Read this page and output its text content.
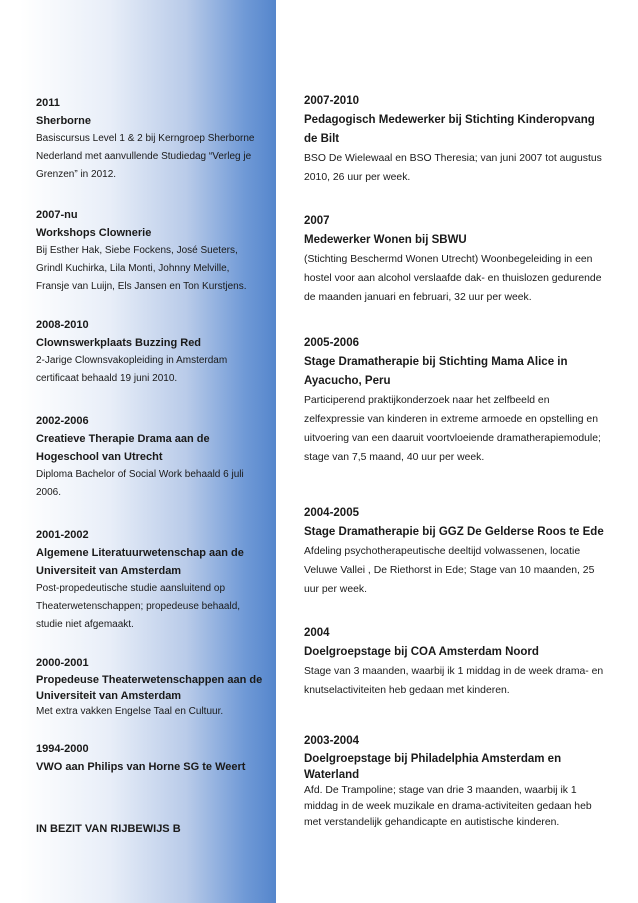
2011
Sherborne
Basiscursus Level 1 & 2 bij Kerngroep Sherborne Nederland met aanvullende Studiedag “Verleg je Grenzen” in 2012.
2007-nu
Workshops Clownerie
Bij Esther Hak, Siebe Fockens, José Sueters, Grindl Kuchirka, Lila Monti, Johnny Melville, Fransje van Luijn, Els Jansen en Ton Kurstjens.
2008-2010
Clownswerkplaats Buzzing Red
2-Jarige Clownsvakopleiding in Amsterdam certificaat behaald 19 juni 2010.
2002-2006
Creatieve Therapie Drama aan de Hogeschool van Utrecht
Diploma Bachelor of Social Work behaald 6 juli 2006.
2001-2002
Algemene Literatuurwetenschap aan de Universiteit van Amsterdam
Post-propedeutische studie aansluitend op Theaterwetenschappen; propedeuse behaald, studie niet afgemaakt.
2000-2001
Propedeuse Theaterwetenschappen aan de Universiteit van Amsterdam
Met extra vakken Engelse Taal en Cultuur.
1994-2000
VWO aan Philips van Horne SG te Weert
IN BEZIT VAN RIJBEWIJS B
2007-2010
Pedagogisch Medewerker bij Stichting Kinderopvang de Bilt
BSO De Wielewaal en BSO Theresia; van juni 2007 tot augustus 2010, 26 uur per week.
2007
Medewerker Wonen bij SBWU
(Stichting Beschermd Wonen Utrecht) Woonbegeleiding in een hostel voor aan alcohol verslaafde dak- en thuislozen gedurende de maanden januari en februari, 32 uur per week.
2005-2006
Stage Dramatherapie bij Stichting Mama Alice in Ayacucho, Peru
Participerend praktijkonderzoek naar het zelfbeeld en zelfexpressie van kinderen in extreme armoede en opstelling en uitvoering van een daaruit voortvloeiende dramatherapiemodule; stage van 7,5 maand, 40 uur per week.
2004-2005
Stage Dramatherapie bij GGZ De Gelderse Roos te Ede
Afdeling psychotherapeutische deeltijd volwassenen, locatie Veluwe Vallei , De Riethorst in Ede; Stage van 10 maanden, 25 uur per week.
2004
Doelgroepstage bij COA Amsterdam Noord
Stage van 3 maanden, waarbij ik 1 middag in de week drama- en knutselactiviteiten heb gedaan met kinderen.
2003-2004
Doelgroepstage bij Philadelphia Amsterdam en Waterland
Afd. De Trampoline; stage van drie 3 maanden, waarbij ik 1 middag in de week muzikale en drama-activiteiten gedaan heb met verstandelijk gehandicapte en autistische kinderen.
